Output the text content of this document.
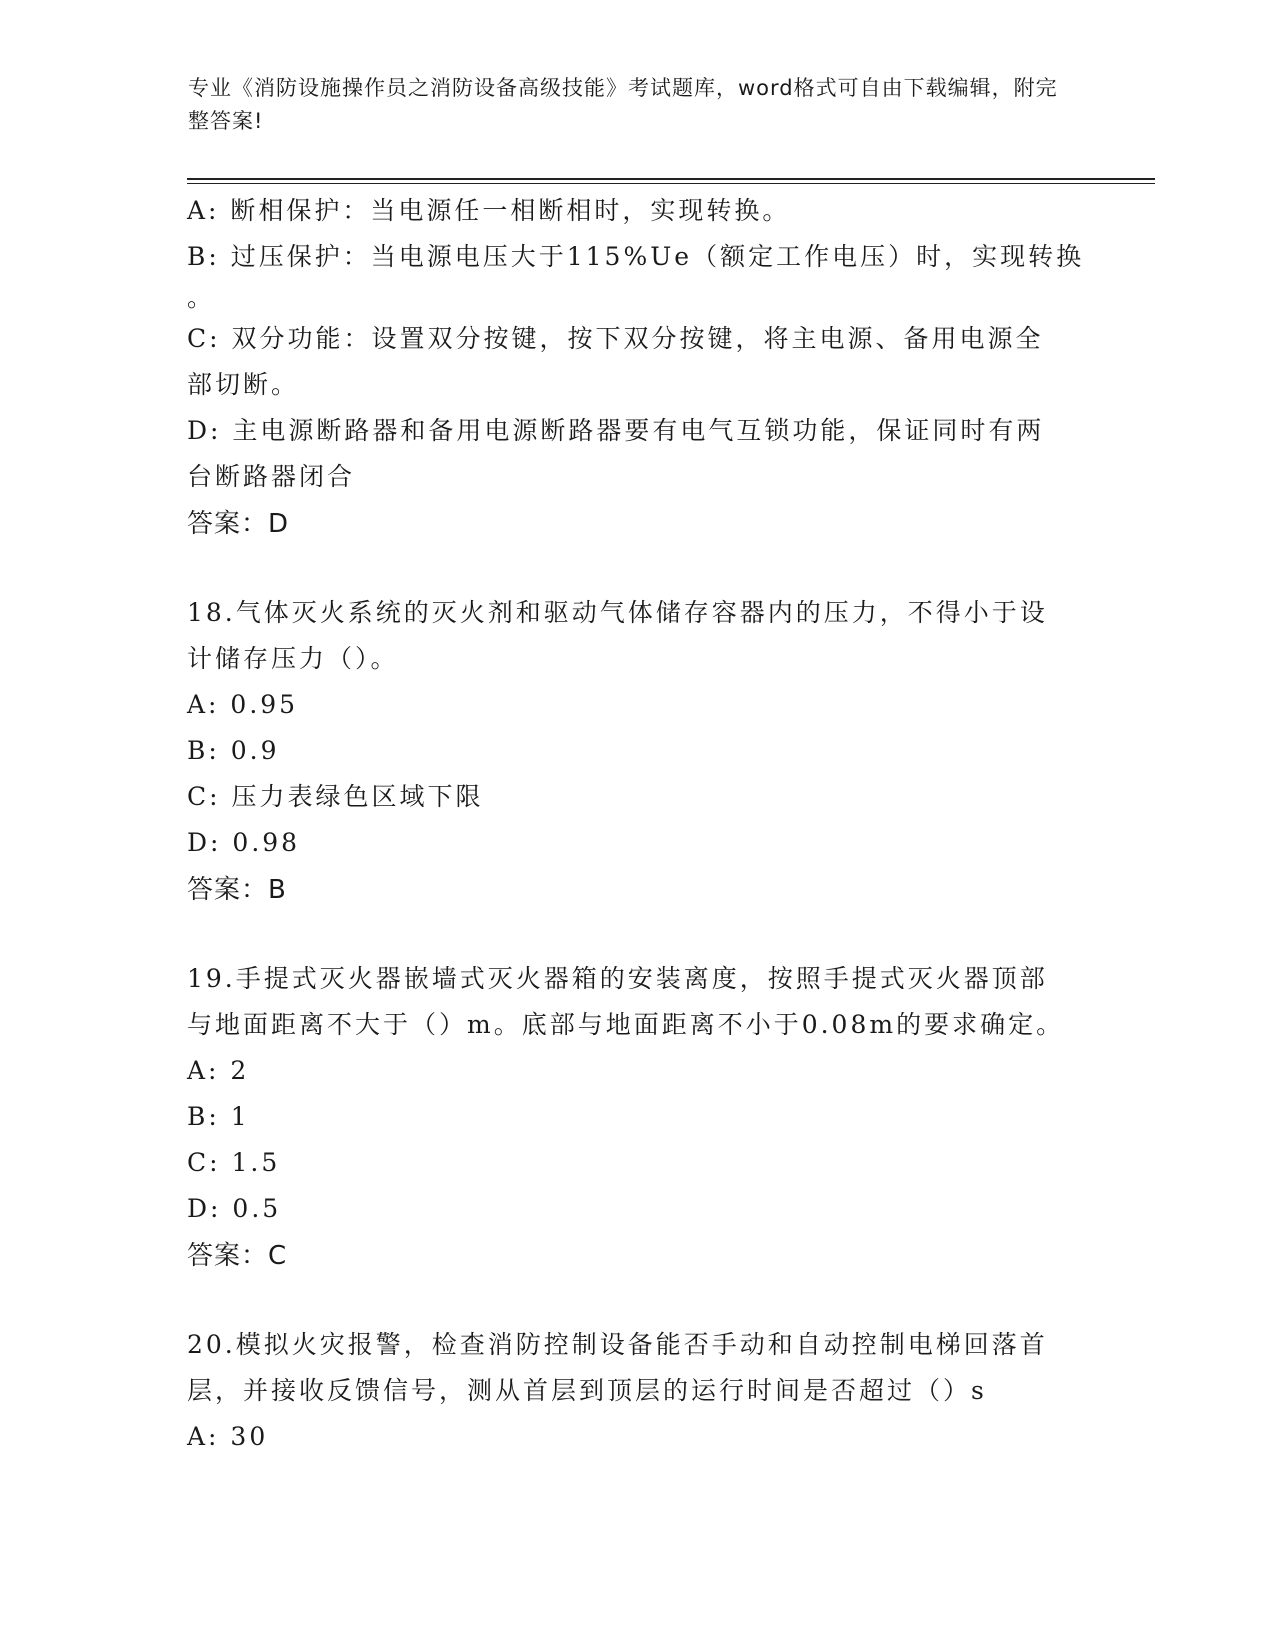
专业《消防设施操作员之消防设备高级技能》考试题库，word格式可自由下载编辑，附完整答案!
A: 断相保护：当电源任一相断相时，实现转换。
B: 过压保护：当电源电压大于115%Ue（额定工作电压）时，实现转换
。
C: 双分功能：设置双分按键，按下双分按键，将主电源、备用电源全
部切断。
D: 主电源断路器和备用电源断路器要有电气互锁功能，保证同时有两
台断路器闭合
答案：D
18.气体灭火系统的灭火剂和驱动气体储存容器内的压力，不得小于设
计储存压力（）。
A: 0.95
B: 0.9
C: 压力表绿色区域下限
D: 0.98
答案：B
19.手提式灭火器嵌墙式灭火器箱的安装离度，按照手提式灭火器顶部
与地面距离不大于（）m。底部与地面距离不小于0.08m的要求确定。
A: 2
B: 1
C: 1.5
D: 0.5
答案：C
20.模拟火灾报警，检查消防控制设备能否手动和自动控制电梯回落首
层，并接收反馈信号，测从首层到顶层的运行时间是否超过（）s
A: 30
